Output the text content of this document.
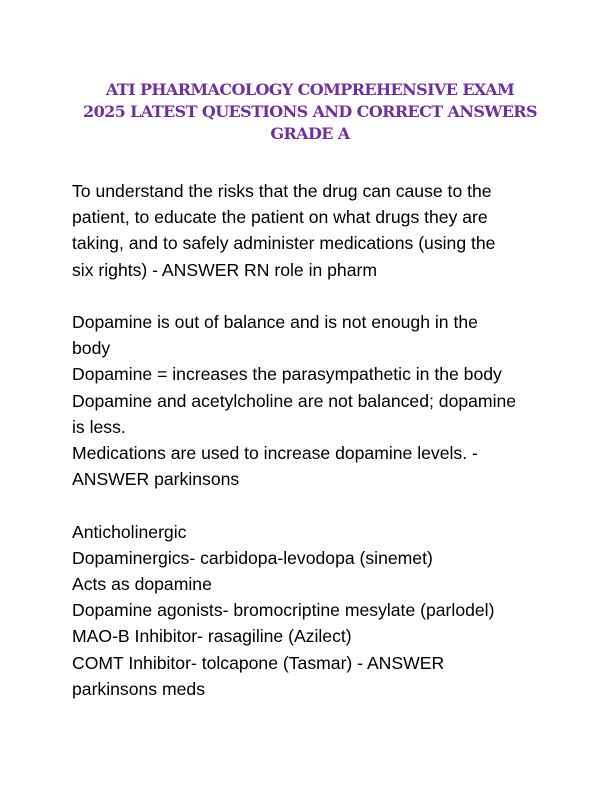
ATI PHARMACOLOGY COMPREHENSIVE EXAM
2025 LATEST QUESTIONS AND CORRECT ANSWERS
GRADE A
To understand the risks that the drug can cause to the
patient, to educate the patient on what drugs they are
taking, and to safely administer medications (using the
six rights) - ANSWER RN role in pharm
Dopamine is out of balance and is not enough in the
body
Dopamine = increases the parasympathetic in the body
Dopamine and acetylcholine are not balanced; dopamine
is less.
Medications are used to increase dopamine levels. -
ANSWER parkinsons
Anticholinergic
Dopaminergics- carbidopa-levodopa (sinemet)
Acts as dopamine
Dopamine agonists- bromocriptine mesylate (parlodel)
MAO-B Inhibitor- rasagiline (Azilect)
COMT Inhibitor- tolcapone (Tasmar) - ANSWER
parkinsons meds
